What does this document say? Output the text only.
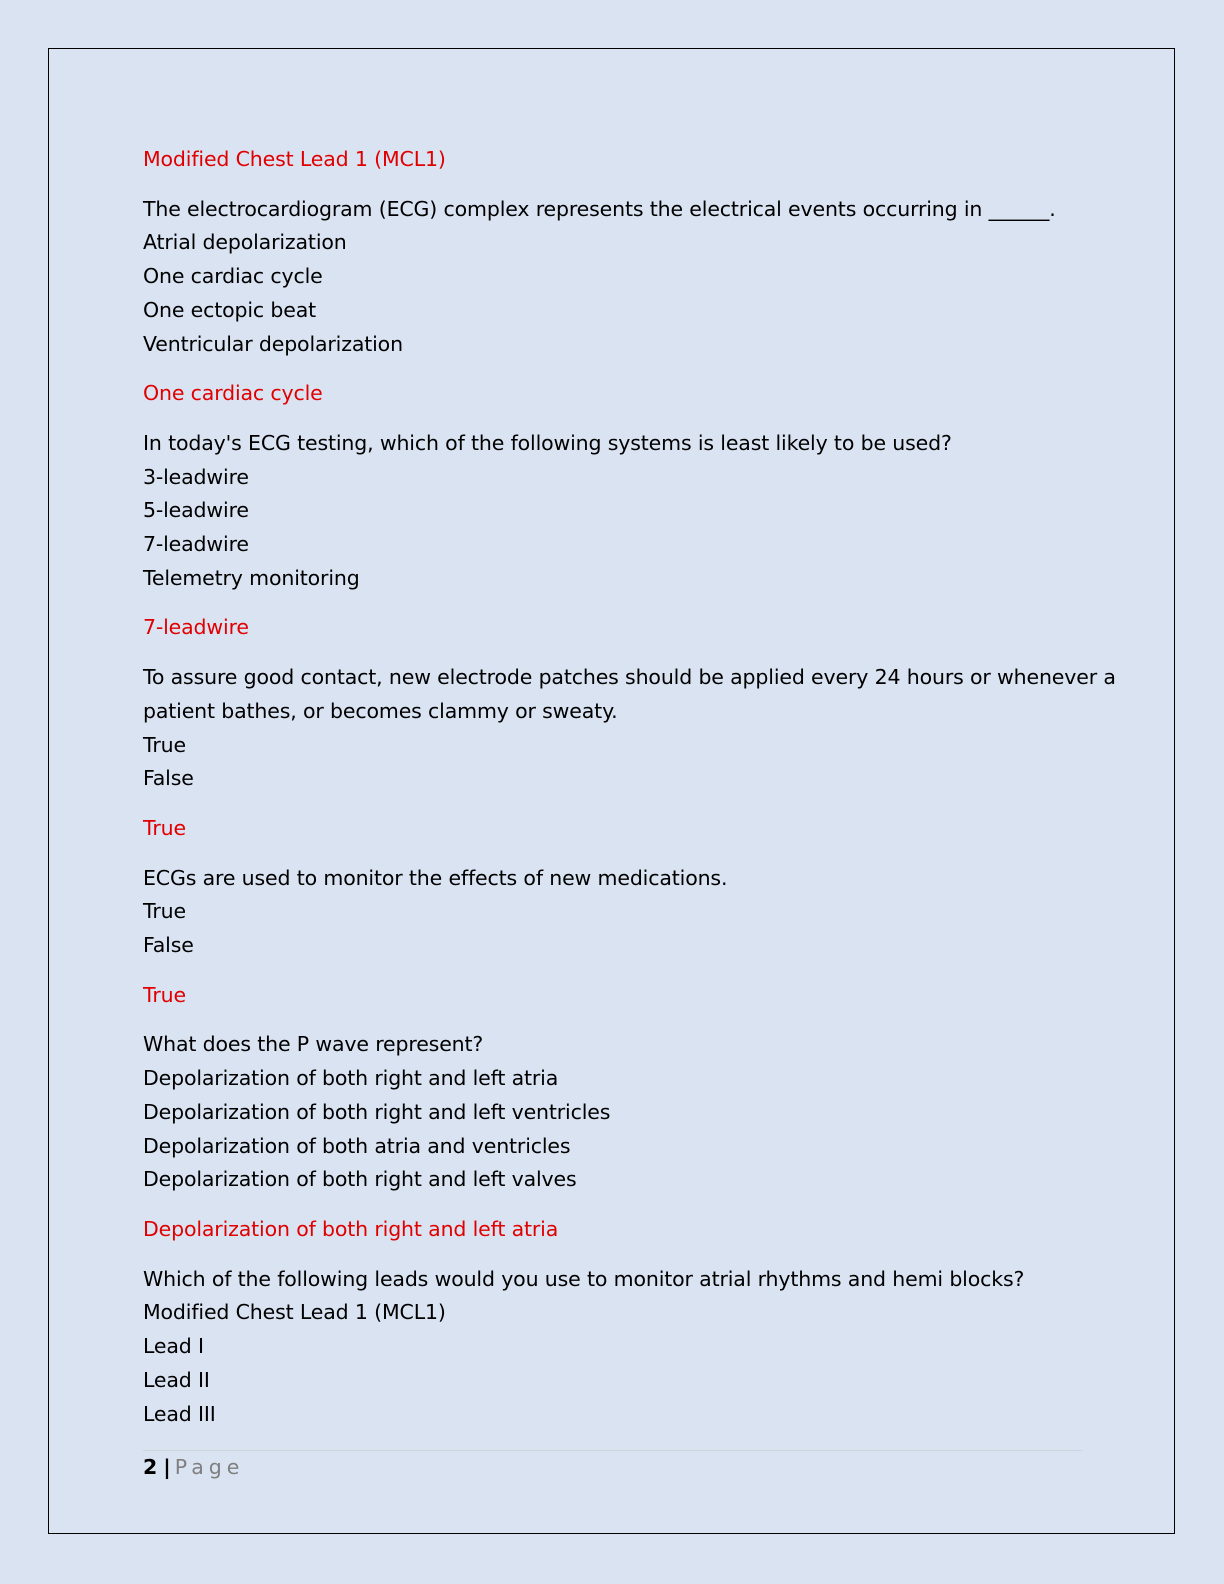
Modified Chest Lead 1 (MCL1)
The electrocardiogram (ECG) complex represents the electrical events occurring in ______.
Atrial depolarization
One cardiac cycle
One ectopic beat
Ventricular depolarization
One cardiac cycle
In today's ECG testing, which of the following systems is least likely to be used?
3-leadwire
5-leadwire
7-leadwire
Telemetry monitoring
7-leadwire
To assure good contact, new electrode patches should be applied every 24 hours or whenever a
patient bathes, or becomes clammy or sweaty.
True
False
True
ECGs are used to monitor the effects of new medications.
True
False
True
What does the P wave represent?
Depolarization of both right and left atria
Depolarization of both right and left ventricles
Depolarization of both atria and ventricles
Depolarization of both right and left valves
Depolarization of both right and left atria
Which of the following leads would you use to monitor atrial rhythms and hemi blocks?
Modified Chest Lead 1 (MCL1)
Lead I
Lead II
Lead III
2 | Page
